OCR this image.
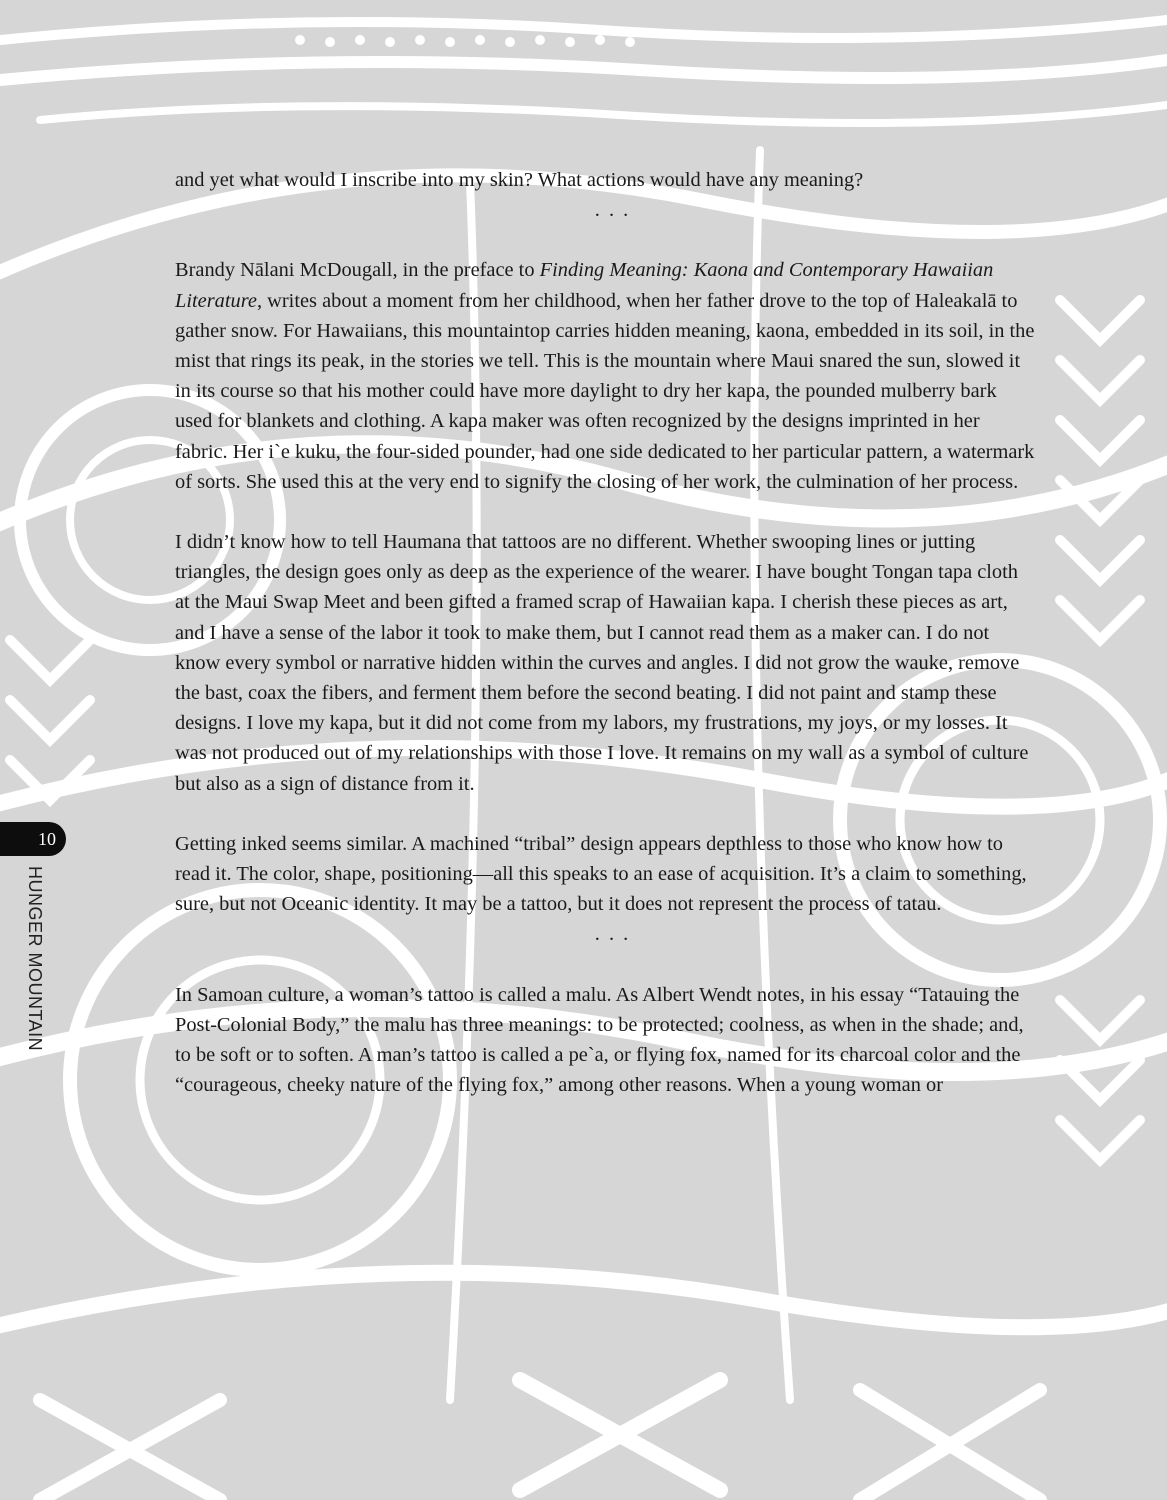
and yet what would I inscribe into my skin? What actions would have any meaning?

. . .

Brandy Nālani McDougall, in the preface to Finding Meaning: Kaona and Contemporary Hawaiian Literature, writes about a moment from her childhood, when her father drove to the top of Haleakalā to gather snow. For Hawaiians, this mountaintop carries hidden meaning, kaona, embedded in its soil, in the mist that rings its peak, in the stories we tell. This is the mountain where Maui snared the sun, slowed it in its course so that his mother could have more daylight to dry her kapa, the pounded mulberry bark used for blankets and clothing. A kapa maker was often recognized by the designs imprinted in her fabric. Her i`e kuku, the four-sided pounder, had one side dedicated to her particular pattern, a watermark of sorts. She used this at the very end to signify the closing of her work, the culmination of her process.

I didn’t know how to tell Haumana that tattoos are no different. Whether swooping lines or jutting triangles, the design goes only as deep as the experience of the wearer. I have bought Tongan tapa cloth at the Maui Swap Meet and been gifted a framed scrap of Hawaiian kapa. I cherish these pieces as art, and I have a sense of the labor it took to make them, but I cannot read them as a maker can. I do not know every symbol or narrative hidden within the curves and angles. I did not grow the wauke, remove the bast, coax the fibers, and ferment them before the second beating. I did not paint and stamp these designs. I love my kapa, but it did not come from my labors, my frustrations, my joys, or my losses. It was not produced out of my relationships with those I love. It remains on my wall as a symbol of culture but also as a sign of distance from it.

Getting inked seems similar. A machined “tribal” design appears depthless to those who know how to read it. The color, shape, positioning—all this speaks to an ease of acquisition. It’s a claim to something, sure, but not Oceanic identity. It may be a tattoo, but it does not represent the process of tatau.

. . .

In Samoan culture, a woman’s tattoo is called a malu. As Albert Wendt notes, in his essay “Tatauing the Post-Colonial Body,” the malu has three meanings: to be protected; coolness, as when in the shade; and, to be soft or to soften. A man’s tattoo is called a pe`a, or flying fox, named for its charcoal color and the “courageous, cheeky nature of the flying fox,” among other reasons. When a young woman or

10
HUNGER MOUNTAIN
